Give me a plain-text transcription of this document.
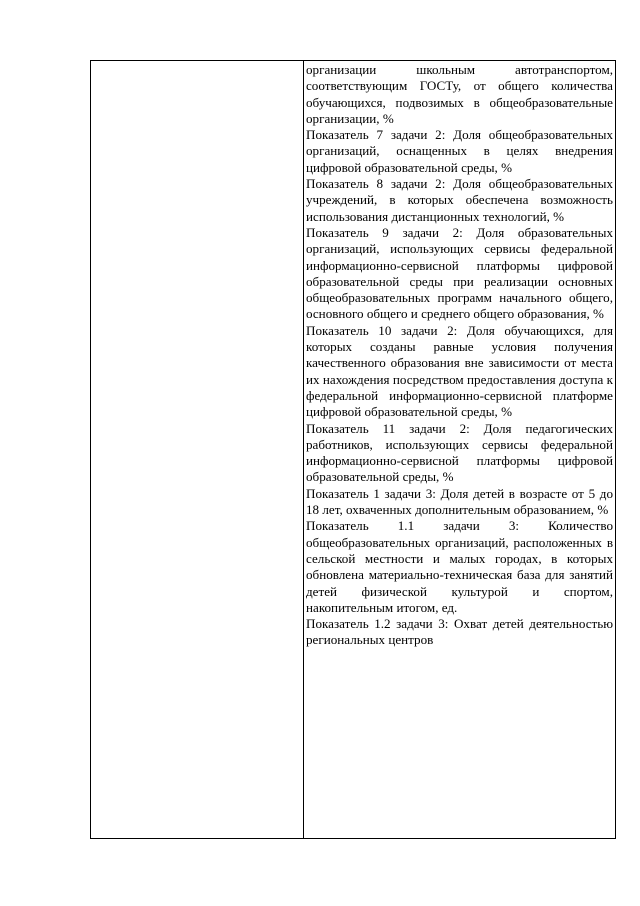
организации школьным автотранспортом, соответствующим ГОСТу, от общего количества обучающихся, подвозимых в общеобразовательные организации, %

Показатель 7 задачи 2: Доля общеобразовательных организаций, оснащенных в целях внедрения цифровой образовательной среды, %

Показатель 8 задачи 2: Доля общеобразовательных учреждений, в которых обеспечена возможность использования дистанционных технологий, %

Показатель 9 задачи 2: Доля образовательных организаций, использующих сервисы федеральной информационно-сервисной платформы цифровой образовательной среды при реализации основных общеобразовательных программ начального общего, основного общего и среднего общего образования, %

Показатель 10 задачи 2: Доля обучающихся, для которых созданы равные условия получения качественного образования вне зависимости от места их нахождения посредством предоставления доступа к федеральной информационно-сервисной платформе цифровой образовательной среды, %

Показатель 11 задачи 2: Доля педагогических работников, использующих сервисы федеральной информационно-сервисной платформы цифровой образовательной среды, %

Показатель 1 задачи 3: Доля детей в возрасте от 5 до 18 лет, охваченных дополнительным образованием, %

Показатель 1.1 задачи 3: Количество общеобразовательных организаций, расположенных в сельской местности и малых городах, в которых обновлена материально-техническая база для занятий детей физической культурой и спортом, накопительным итогом, ед.

Показатель 1.2 задачи 3: Охват детей деятельностью региональных центров
